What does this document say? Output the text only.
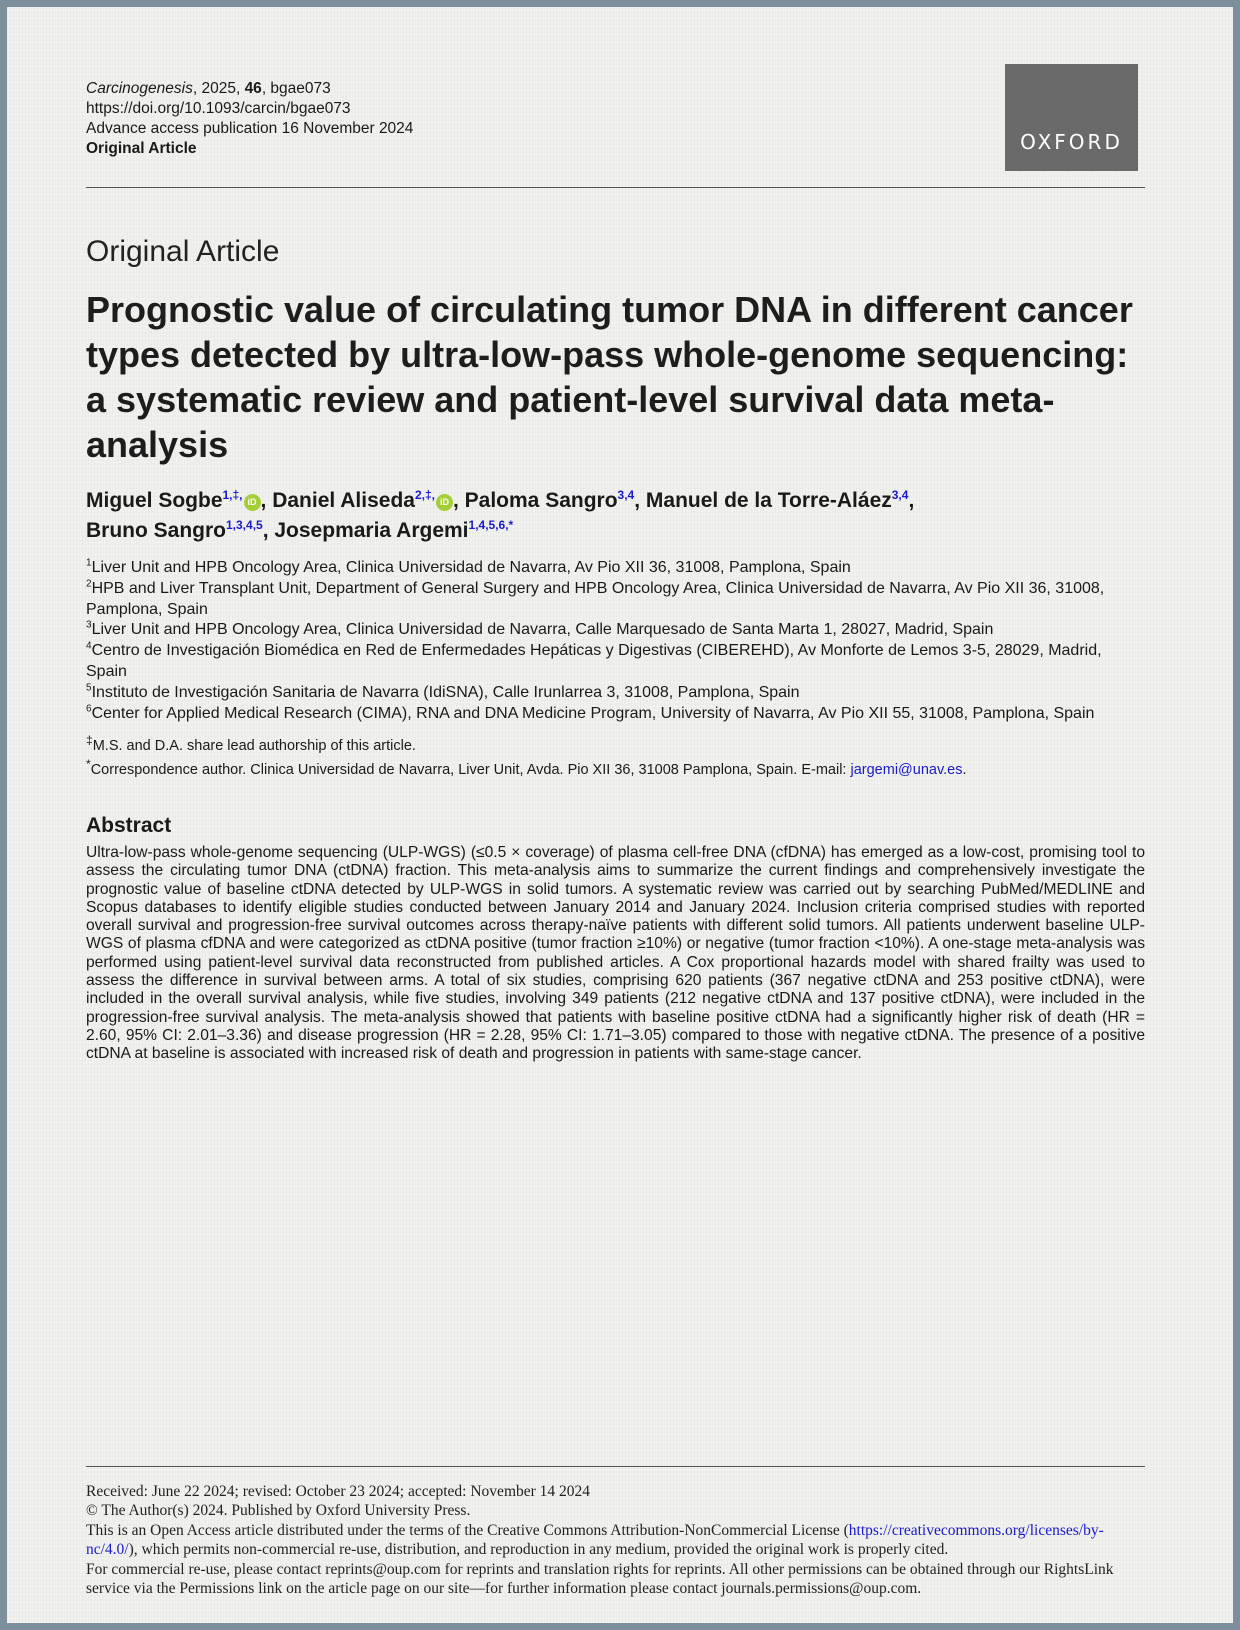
Carcinogenesis, 2025, 46, bgae073
https://doi.org/10.1093/carcin/bgae073
Advance access publication 16 November 2024
Original Article	OXFORD
Original Article
Prognostic value of circulating tumor DNA in different cancer types detected by ultra-low-pass whole-genome sequencing: a systematic review and patient-level survival data meta-analysis

Miguel Sogbe$^{1,\ddagger,}$ iD , Daniel Aliseda$^{2,\ddagger,}$ iD , Paloma Sangro$^{3,4}$, Manuel de la Torre-Aláez$^{3,4}$,
Bruno Sangro$^{1,3,4,5}$, Josepmaria Argemi$^{1,4,5,6,*}$

$^1$Liver Unit and HPB Oncology Area, Clinica Universidad de Navarra, Av Pio XII 36, 31008, Pamplona, Spain
$^2$HPB and Liver Transplant Unit, Department of General Surgery and HPB Oncology Area, Clinica Universidad de Navarra, Av Pio XII 36, 31008, Pamplona, Spain
$^3$Liver Unit and HPB Oncology Area, Clinica Universidad de Navarra, Calle Marquesado de Santa Marta 1, 28027, Madrid, Spain
$^4$Centro de Investigación Biomédica en Red de Enfermedades Hepáticas y Digestivas (CIBEREHD), Av Monforte de Lemos 3-5, 28029, Madrid, Spain
$^5$Instituto de Investigación Sanitaria de Navarra (IdiSNA), Calle Irunlarrea 3, 31008, Pamplona, Spain
$^6$Center for Applied Medical Research (CIMA), RNA and DNA Medicine Program, University of Navarra, Av Pio XII 55, 31008, Pamplona, Spain
‡M.S. and D.A. share lead authorship of this article.
*Correspondence author. Clinica Universidad de Navarra, Liver Unit, Avda. Pio XII 36, 31008 Pamplona, Spain. E-mail: jargemi@unav.es.
Abstract

Ultra-low-pass whole-genome sequencing (ULP-WGS) (≤0.5 × coverage) of plasma cell-free DNA (cfDNA) has emerged as a low-cost, promising tool to assess the circulating tumor DNA (ctDNA) fraction. This meta-analysis aims to summarize the current findings and comprehensively investigate the prognostic value of baseline ctDNA detected by ULP-WGS in solid tumors. A systematic review was carried out by searching PubMed/MEDLINE and Scopus databases to identify eligible studies conducted between January 2014 and January 2024. Inclusion criteria comprised studies with reported overall survival and progression-free survival outcomes across therapy-naïve patients with different solid tumors. All patients underwent baseline ULP-WGS of plasma cfDNA and were categorized as ctDNA positive (tumor fraction ≥10%) or negative (tumor fraction <10%). A one-stage meta-analysis was performed using patient-level survival data reconstructed from published articles. A Cox proportional hazards model with shared frailty was used to assess the difference in survival between arms. A total of six studies, comprising 620 patients (367 negative ctDNA and 253 positive ctDNA), were included in the overall survival analysis, while five studies, involving 349 patients (212 negative ctDNA and 137 positive ctDNA), were included in the progression-free survival analysis. The meta-analysis showed that patients with baseline positive ctDNA had a significantly higher risk of death (HR = 2.60, 95% CI: 2.01–3.36) and disease progression (HR = 2.28, 95% CI: 1.71–3.05) compared to those with negative ctDNA. The presence of a positive ctDNA at baseline is associated with increased risk of death and progression in patients with same-stage cancer.

Received: June 22 2024; revised: October 23 2024; accepted: November 14 2024

© The Author(s) 2024. Published by Oxford University Press.

This is an Open Access article distributed under the terms of the Creative Commons Attribution-NonCommercial License (https://creativecommons.org/licenses/by-nc/4.0/), which permits non-commercial re-use, distribution, and reproduction in any medium, provided the original work is properly cited.

For commercial re-use, please contact reprints@oup.com for reprints and translation rights for reprints. All other permissions can be obtained through our RightsLink service via the Permissions link on the article page on our site—for further information please contact journals.permissions@oup.com.
